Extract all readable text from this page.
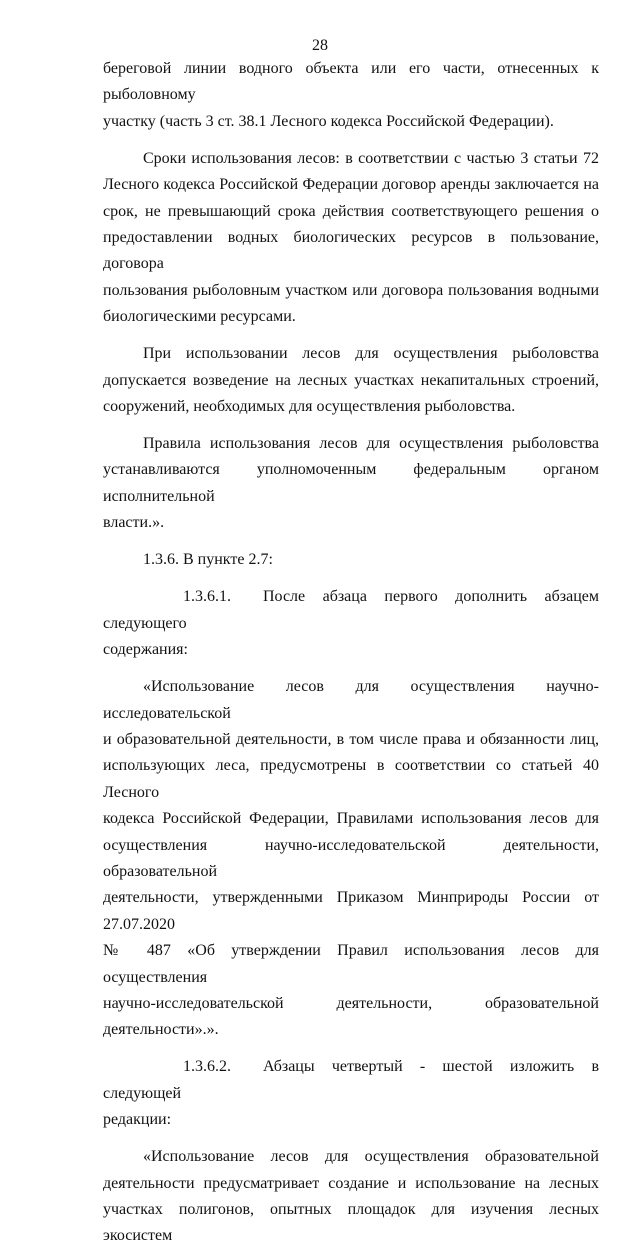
28
береговой линии водного объекта или его части, отнесенных к рыболовному
участку (часть 3 ст. 38.1 Лесного кодекса Российской Федерации).
Сроки использования лесов: в соответствии с частью 3 статьи 72
Лесного кодекса Российской Федерации договор аренды заключается на
срок, не превышающий срока действия соответствующего решения о
предоставлении водных биологических ресурсов в пользование, договора
пользования рыболовным участком или договора пользования водными
биологическими ресурсами.
При использовании лесов для осуществления рыболовства
допускается возведение на лесных участках некапитальных строений,
сооружений, необходимых для осуществления рыболовства.
Правила использования лесов для осуществления рыболовства
устанавливаются уполномоченным федеральным органом исполнительной
власти.».
1.3.6. В пункте 2.7:
1.3.6.1. После абзаца первого дополнить абзацем следующего
содержания:
«Использование лесов для осуществления научно-исследовательской
и образовательной деятельности, в том числе права и обязанности лиц,
использующих леса, предусмотрены в соответствии со статьей 40 Лесного
кодекса Российской Федерации, Правилами использования лесов для
осуществления научно-исследовательской деятельности, образовательной
деятельности, утвержденными Приказом Минприроды России от 27.07.2020
№ 487 «Об утверждении Правил использования лесов для осуществления
научно-исследовательской деятельности, образовательной деятельности».».
1.3.6.2. Абзацы четвертый - шестой изложить в следующей
редакции:
«Использование лесов для осуществления образовательной
деятельности предусматривает создание и использование на лесных
участках полигонов, опытных площадок для изучения лесных экосистем
